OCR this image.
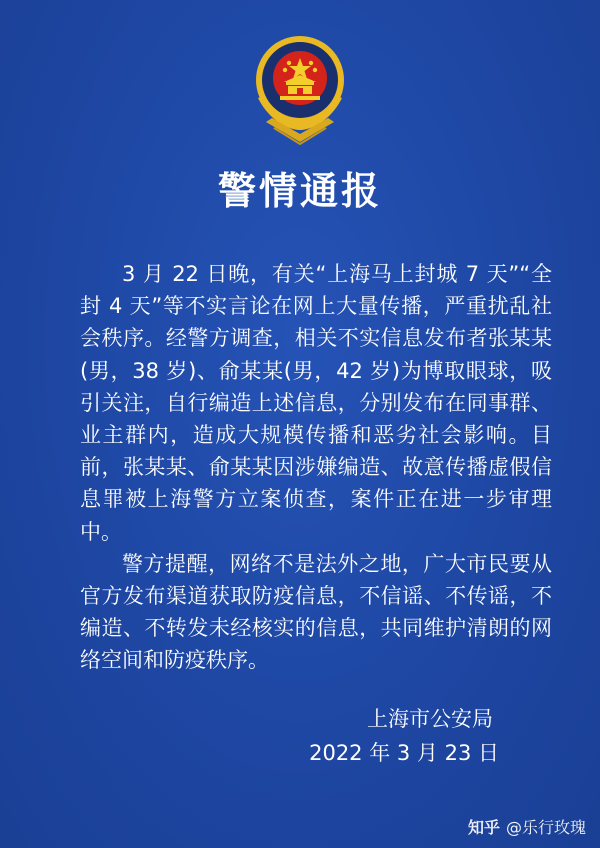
警情通报

3 月 22 日晚，有关“上海马上封城 7 天”“全封 4 天”等不实言论在网上大量传播，严重扰乱社会秩序。经警方调查，相关不实信息发布者张某某(男，38 岁)、俞某某(男，42 岁)为博取眼球，吸引关注，自行编造上述信息，分别发布在同事群、业主群内，造成大规模传播和恶劣社会影响。目前，张某某、俞某某因涉嫌编造、故意传播虚假信息罪被上海警方立案侦查，案件正在进一步审理中。

警方提醒，网络不是法外之地，广大市民要从官方发布渠道获取防疫信息，不信谣、不传谣，不编造、不转发未经核实的信息，共同维护清朗的网络空间和防疫秩序。

上海市公安局
2022 年 3 月 23 日
知乎 @乐行玫瑰
